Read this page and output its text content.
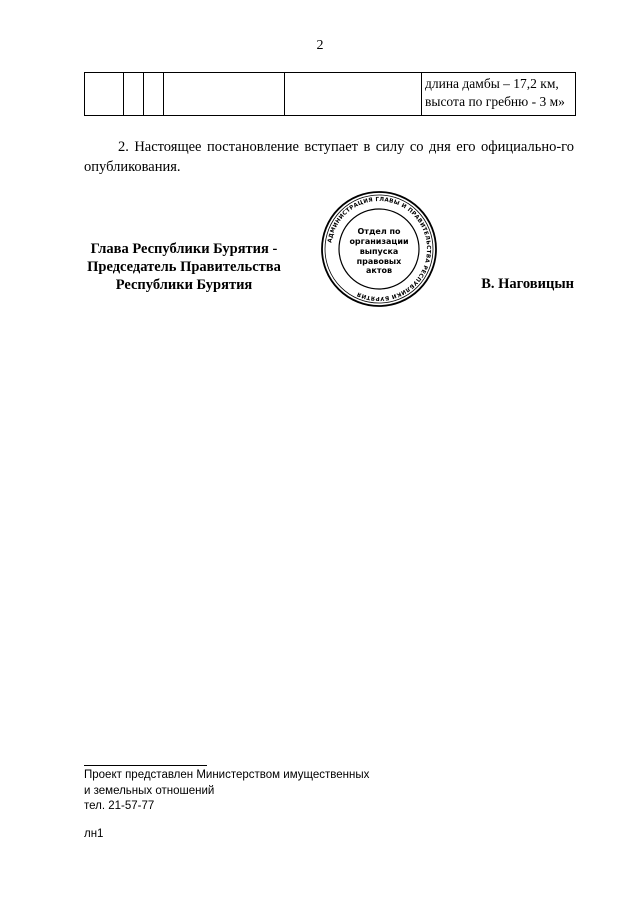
2

длина дамбы – 17,2 км,
высота по гребню - 3 м»
2. Настоящее постановление вступает в силу со дня его официально-го опубликования.
Глава Республики Бурятия -
Председатель Правительства
Республики Бурятия
АДМИНИСТРАЦИЯ ГЛАВЫ И ПРАВИТЕЛЬСТВА РЕСПУБЛИКИ БУРЯТИЯ
Отдел по
организации
выпуска
правовых
актов
В. Наговицын
Проект представлен Министерством имущественных
и земельных отношений
тел. 21-57-77
лн1
